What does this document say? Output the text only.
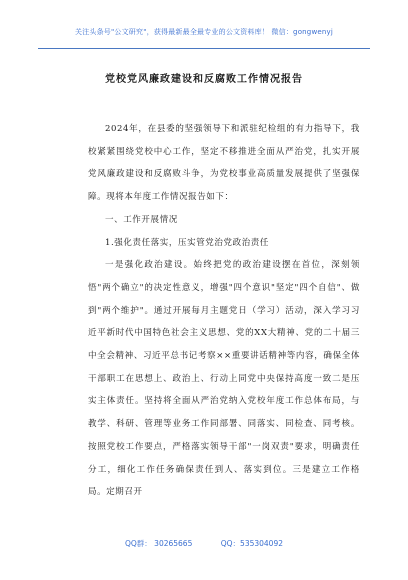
关注头条号"公文研究"，获得最新最全最专业的公文资料库！ 微信：gongwenyj
党校党风廉政建设和反腐败工作情况报告

2024年，在县委的坚强领导下和派驻纪检组的有力指导下，我校紧紧围绕党校中心工作，坚定不移推进全面从严治党，扎实开展党风廉政建设和反腐败斗争，为党校事业高质量发展提供了坚强保障。现将本年度工作情况报告如下：

一、工作开展情况

1.强化责任落实，压实管党治党政治责任

一是强化政治建设。始终把党的政治建设摆在首位，深刻领悟"两个确立"的决定性意义，增强"四个意识"坚定"四个自信"、做到"两个维护"。通过开展每月主题党日（学习）活动，深入学习习近平新时代中国特色社会主义思想、党的XX大精神、党的二十届三中全会精神、习近平总书记考察××重要讲话精神等内容，确保全体干部职工在思想上、政治上、行动上同党中央保持高度一致二是压实主体责任。坚持将全面从严治党纳入党校年度工作总体布局，与教学、科研、管理等业务工作同部署、同落实、同检查、同考核。按照党校工作要点，严格落实领导干部"一岗双责"要求，明确责任分工，细化工作任务确保责任到人、落实到位。三是建立工作格局。定期召开

QQ群： 30265665	QQ：535304092
